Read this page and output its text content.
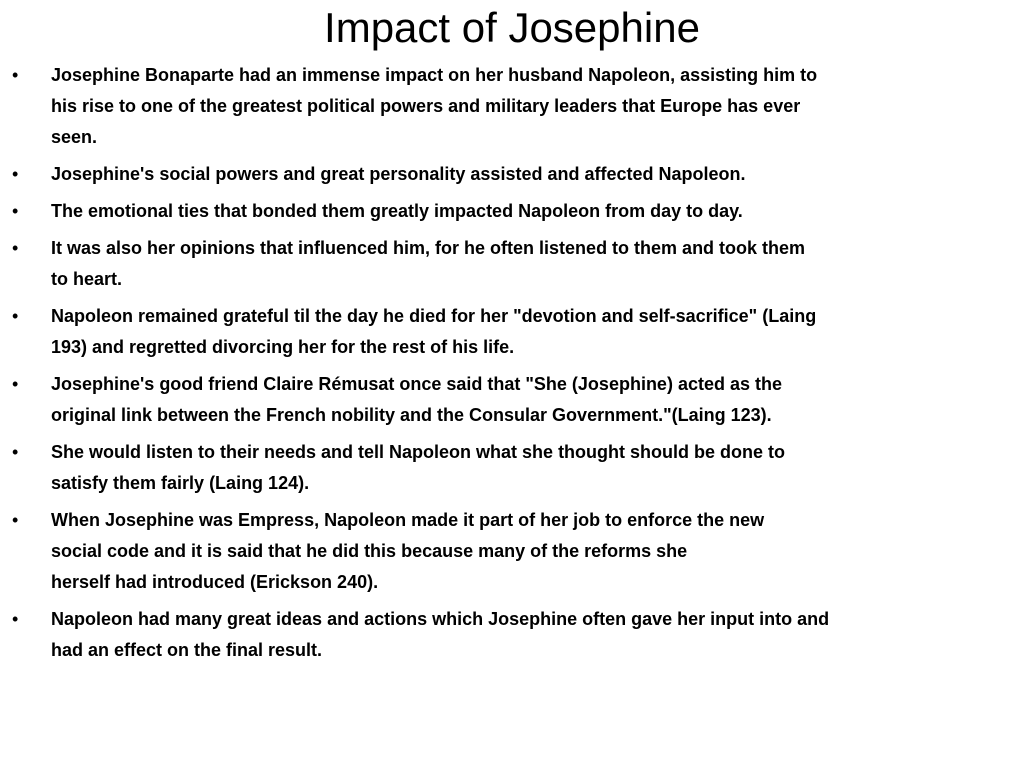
Impact of Josephine
•	Josephine Bonaparte had an immense impact on her husband Napoleon, assisting him to
his rise to one of the greatest political powers and military leaders that Europe has ever
seen.
•	Josephine's social powers and great personality assisted and affected Napoleon.
•	The emotional ties that bonded them greatly impacted Napoleon from day to day.
•	It was also her opinions that influenced him, for he often listened to them and took them
to heart.
•	Napoleon remained grateful til the day he died for her "devotion and self-sacrifice" (Laing
193) and regretted divorcing her for the rest of his life.
•	Josephine's good friend Claire Rémusat once said that "She (Josephine) acted as the
original link between the French nobility and the Consular Government."(Laing 123).
•	She would listen to their needs and tell Napoleon what she thought should be done to
satisfy them fairly (Laing 124).
•	When Josephine was Empress, Napoleon made it part of her job to enforce the new
social code and it is said that he did this because many of the reforms she
herself had introduced (Erickson 240).
•	Napoleon had many great ideas and actions which Josephine often gave her input into and
had an effect on the final result.
